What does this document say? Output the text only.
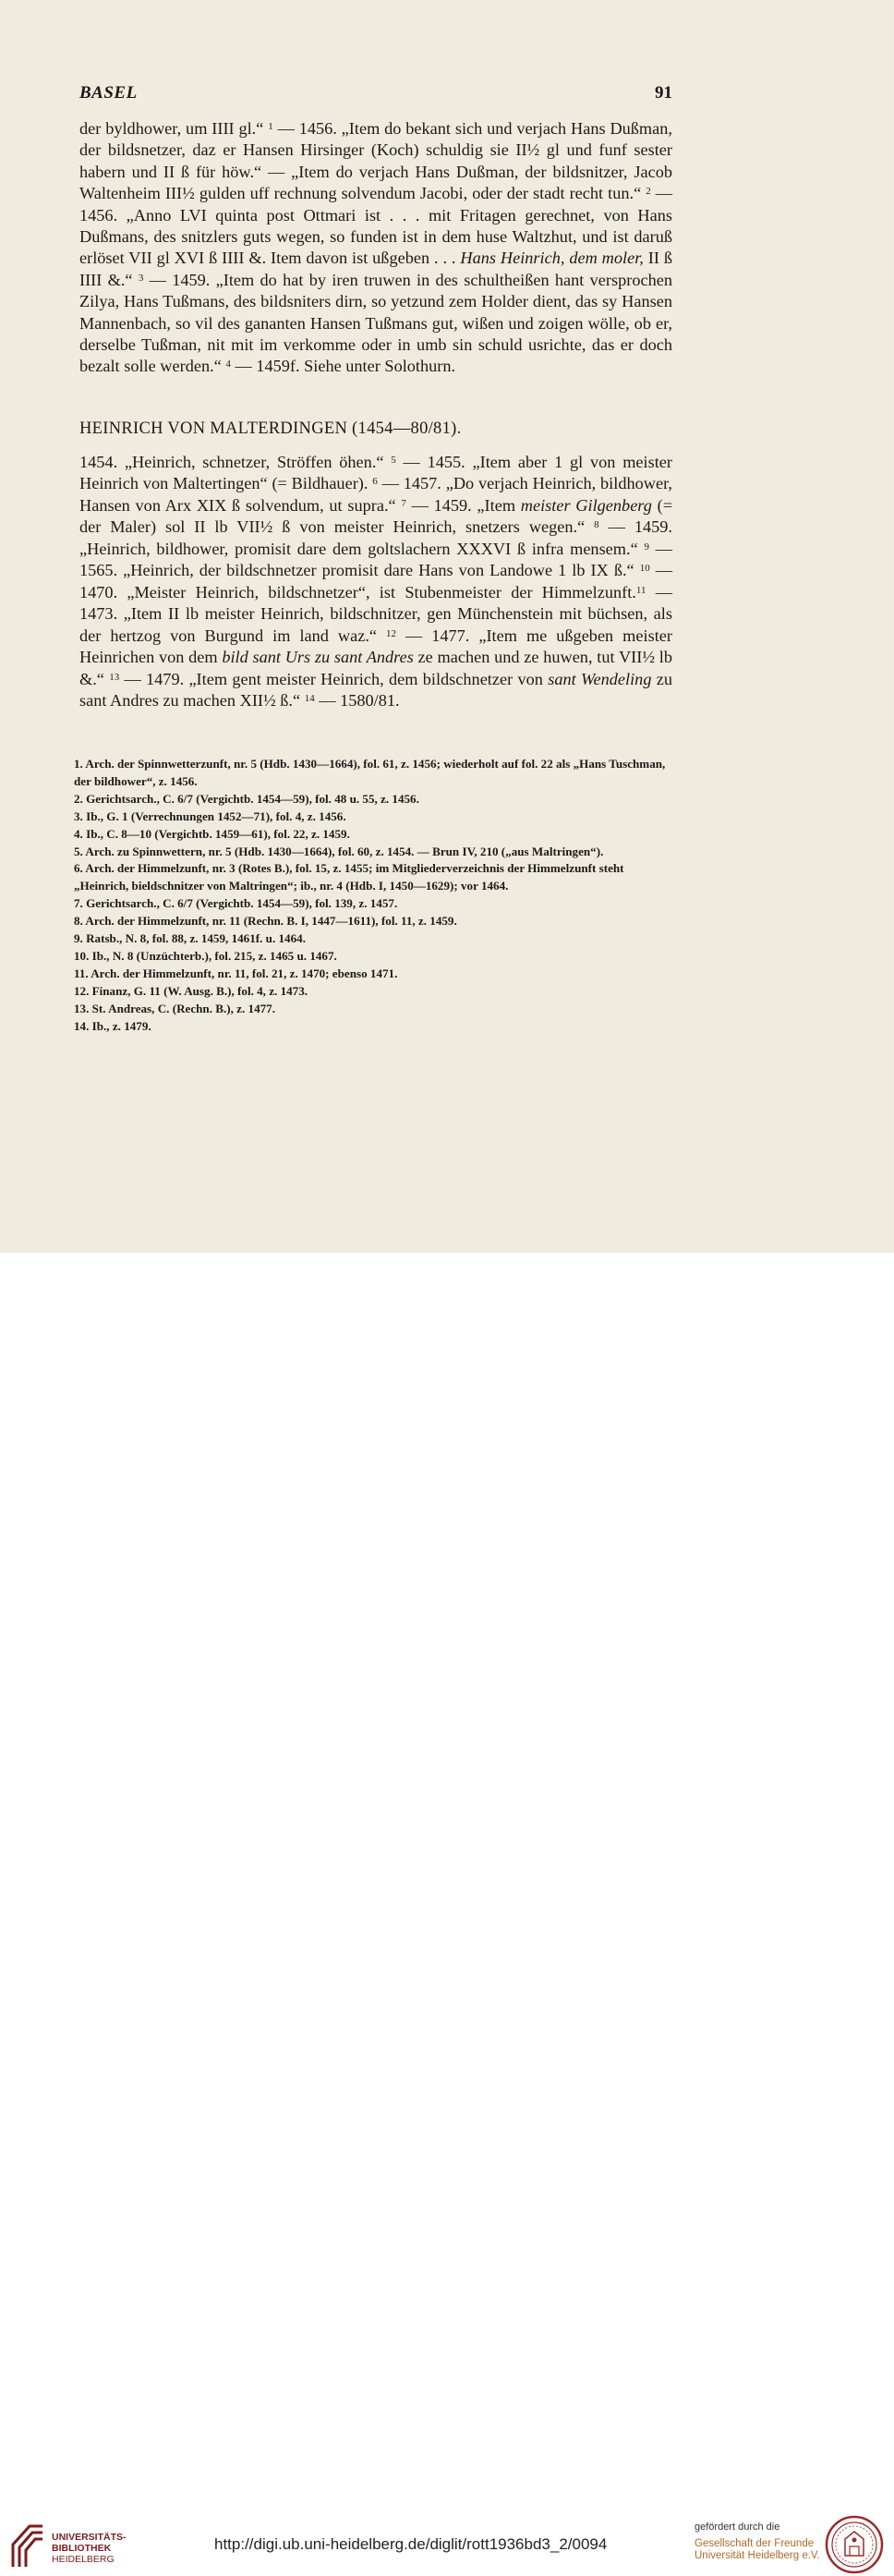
BASEL	91

der byldhower, um IIII gl.“ $^1$ — 1456. „Item do bekant sich und verjach Hans Dußman, der bildsnetzer, daz er Hansen Hirsinger (Koch) schuldig sie II½ gl und funf sester habern und II ß für höw.“ — „Item do verjach Hans Dußman, der bildsnitzer, Jacob Waltenheim III½ gulden uff rechnung solvendum Jacobi, oder der stadt recht tun.“ $^2$ — 1456. „Anno LVI quinta post Ottmari ist . . . mit Fritagen gerechnet, von Hans Dußmans, des snitzlers guts wegen, so funden ist in dem huse Waltzhut, und ist daruß erlöset VII gl XVI ß IIII &. Item davon ist ußgeben . . . Hans Heinrich, dem moler, II ß IIII &.“ $^3$ — 1459. „Item do hat by iren truwen in des schultheißen hant versprochen Zilya, Hans Tußmans, des bildsniters dirn, so yetzund zem Holder dient, das sy Hansen Mannenbach, so vil des gananten Hansen Tußmans gut, wißen und zoigen wölle, ob er, derselbe Tußman, nit mit im verkomme oder in umb sin schuld usrichte, das er doch bezalt solle werden.“ $^4$ — 1459f. Siehe unter Solothurn.

HEINRICH VON MALTERDINGEN (1454—80/81).

1454. „Heinrich, schnetzer, Ströffen öhen.“ $^5$ — 1455. „Item aber 1 gl von meister Heinrich von Maltertingen“ (= Bildhauer). $^6$ — 1457. „Do verjach Heinrich, bildhower, Hansen von Arx XIX ß solvendum, ut supra.“ $^7$ — 1459. „Item meister Gilgenberg (= der Maler) sol II lb VII½ ß von meister Heinrich, snetzers wegen.“ $^8$ — 1459. „Heinrich, bildhower, promisit dare dem goltslachern XXXVI ß infra mensem.“ $^9$ — 1565. „Heinrich, der bildschnetzer promisit dare Hans von Landowe 1 lb IX ß.“ $^{10}$ — 1470. „Meister Heinrich, bildschnetzer“, ist Stubenmeister der Himmelzunft.$^{11}$ — 1473. „Item II lb meister Heinrich, bildschnitzer, gen Münchenstein mit büchsen, als der hertzog von Burgund im land waz.“ $^{12}$ — 1477. „Item me ußgeben meister Heinrichen von dem bild sant Urs zu sant Andres ze machen und ze huwen, tut VII½ lb &.“ $^{13}$ — 1479. „Item gent meister Heinrich, dem bildschnetzer von sant Wendeling zu sant Andres zu machen XII½ ß.“ $^{14}$ — 1580/81.

1. Arch. der Spinnwetterzunft, nr. 5 (Hdb. 1430—1664), fol. 61, z. 1456; wiederholt auf fol. 22 als „Hans Tuschman, der bildhower“, z. 1456.

2. Gerichtsarch., C. 6/7 (Vergichtb. 1454—59), fol. 48 u. 55, z. 1456.

3. Ib., G. 1 (Verrechnungen 1452—71), fol. 4, z. 1456.

4. Ib., C. 8—10 (Vergichtb. 1459—61), fol. 22, z. 1459.

5. Arch. zu Spinnwettern, nr. 5 (Hdb. 1430—1664), fol. 60, z. 1454. — Brun IV, 210 („aus Maltringen“).

6. Arch. der Himmelzunft, nr. 3 (Rotes B.), fol. 15, z. 1455; im Mitgliederverzeichnis der Himmelzunft steht „Heinrich, bieldschnitzer von Maltringen“; ib., nr. 4 (Hdb. I, 1450—1629); vor 1464.

7. Gerichtsarch., C. 6/7 (Vergichtb. 1454—59), fol. 139, z. 1457.

8. Arch. der Himmelzunft, nr. 11 (Rechn. B. I, 1447—1611), fol. 11, z. 1459.

9. Ratsb., N. 8, fol. 88, z. 1459, 1461f. u. 1464.

10. Ib., N. 8 (Unzüchterb.), fol. 215, z. 1465 u. 1467.

11. Arch. der Himmelzunft, nr. 11, fol. 21, z. 1470; ebenso 1471.

12. Finanz, G. 11 (W. Ausg. B.), fol. 4, z. 1473.

13. St. Andreas, C. (Rechn. B.), z. 1477.

14. Ib., z. 1479.

UNIVERSITÄTS-
BIBLIOTHEK
HEIDELBERG
http://digi.ub.uni-heidelberg.de/diglit/rott1936bd3_2/0094
gefördert durch die
Gesellschaft der Freunde
Universität Heidelberg e.V.
